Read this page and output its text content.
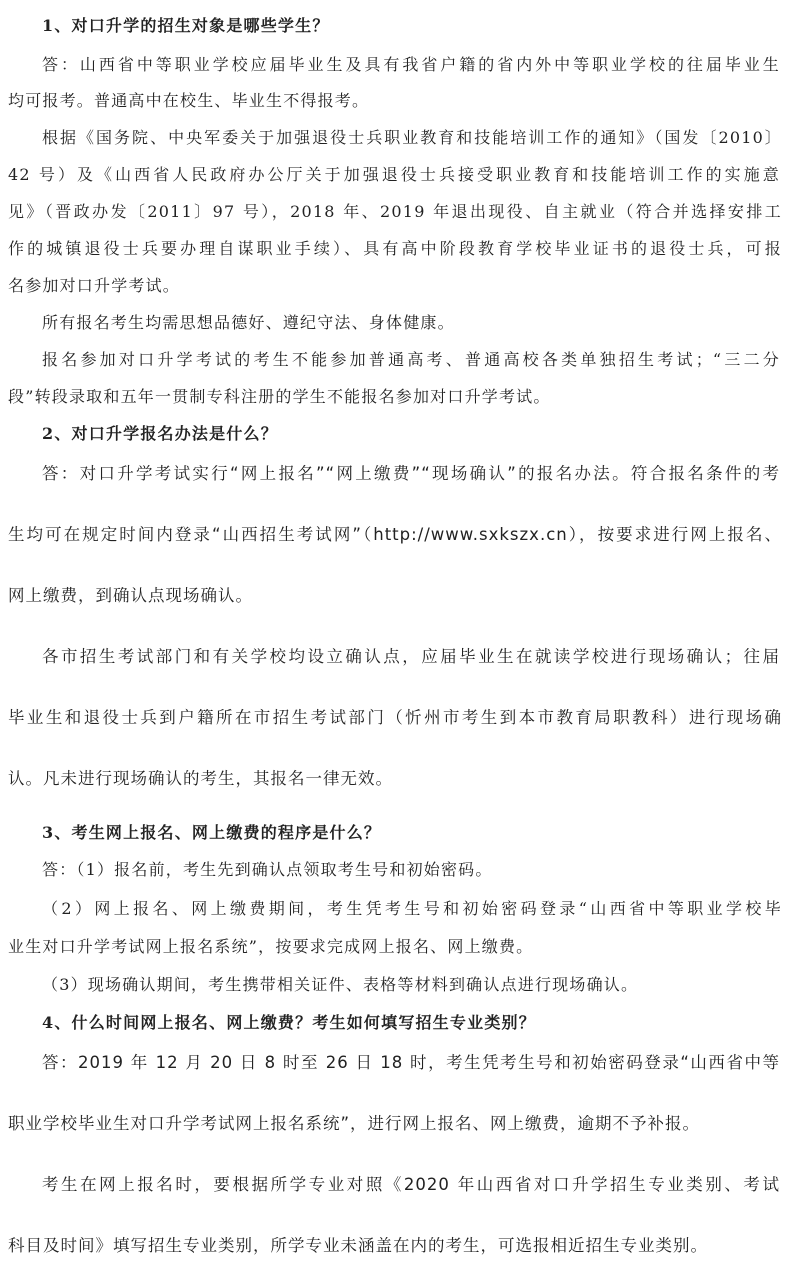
1、对口升学的招生对象是哪些学生？

答：山西省中等职业学校应届毕业生及具有我省户籍的省内外中等职业学校的往届毕业生

均可报考。普通高中在校生、毕业生不得报考。

根据《国务院、中央军委关于加强退役士兵职业教育和技能培训工作的通知》（国发〔2010〕

42 号）及《山西省人民政府办公厅关于加强退役士兵接受职业教育和技能培训工作的实施意

见》（晋政办发〔2011〕97 号），2018 年、2019 年退出现役、自主就业（符合并选择安排工

作的城镇退役士兵要办理自谋职业手续）、具有高中阶段教育学校毕业证书的退役士兵，可报

名参加对口升学考试。

所有报名考生均需思想品德好、遵纪守法、身体健康。

报名参加对口升学考试的考生不能参加普通高考、普通高校各类单独招生考试；“三二分

段”转段录取和五年一贯制专科注册的学生不能报名参加对口升学考试。

2、对口升学报名办法是什么？

答：对口升学考试实行“网上报名”“网上缴费”“现场确认”的报名办法。符合报名条件的考

生均可在规定时间内登录“山西招生考试网”（http://www.sxkszx.cn），按要求进行网上报名、

网上缴费，到确认点现场确认。

各市招生考试部门和有关学校均设立确认点，应届毕业生在就读学校进行现场确认；往届

毕业生和退役士兵到户籍所在市招生考试部门（忻州市考生到本市教育局职教科）进行现场确

认。凡未进行现场确认的考生，其报名一律无效。

3、考生网上报名、网上缴费的程序是什么？

答：（1）报名前，考生先到确认点领取考生号和初始密码。

（2）网上报名、网上缴费期间，考生凭考生号和初始密码登录“山西省中等职业学校毕

业生对口升学考试网上报名系统”，按要求完成网上报名、网上缴费。

（3）现场确认期间，考生携带相关证件、表格等材料到确认点进行现场确认。

4、什么时间网上报名、网上缴费？考生如何填写招生专业类别？

答：2019 年 12 月 20 日 8 时至 26 日 18 时，考生凭考生号和初始密码登录“山西省中等

职业学校毕业生对口升学考试网上报名系统”，进行网上报名、网上缴费，逾期不予补报。

考生在网上报名时，要根据所学专业对照《2020 年山西省对口升学招生专业类别、考试

科目及时间》填写招生专业类别，所学专业未涵盖在内的考生，可选报相近招生专业类别。
